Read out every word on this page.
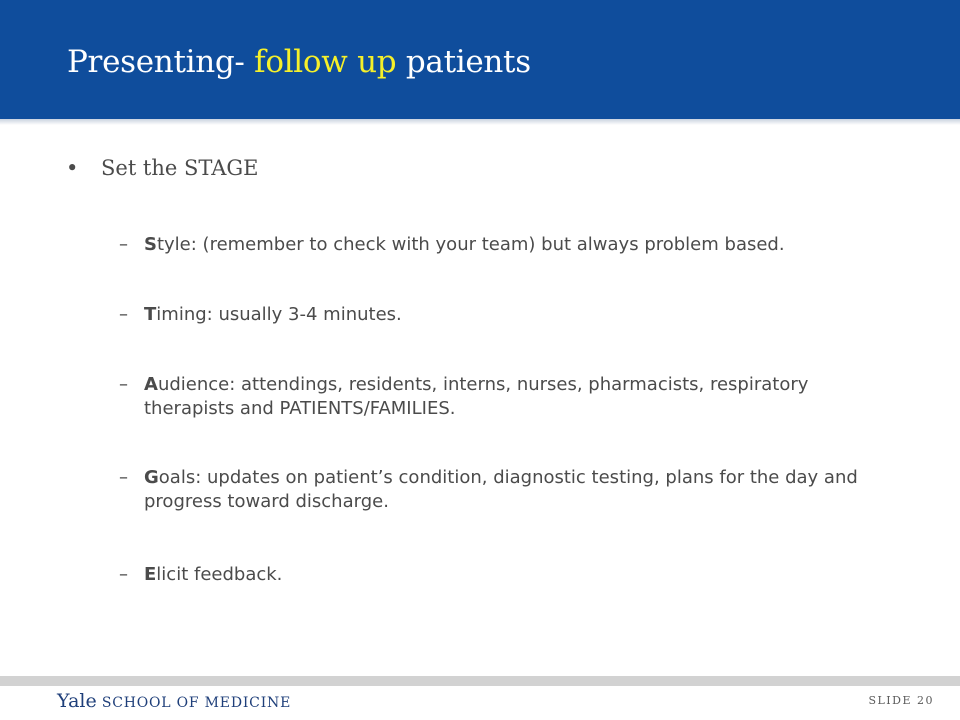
Presenting- follow up patients
• Set the STAGE
– Style: (remember to check with your team) but always problem based.
– Timing: usually 3-4 minutes.
– Audience: attendings, residents, interns, nurses, pharmacists, respiratory therapists and PATIENTS/FAMILIES.
– Goals: updates on patient’s condition, diagnostic testing, plans for the day and progress toward discharge.
– Elicit feedback.
Yale SCHOOL OF MEDICINE	SLIDE 20
